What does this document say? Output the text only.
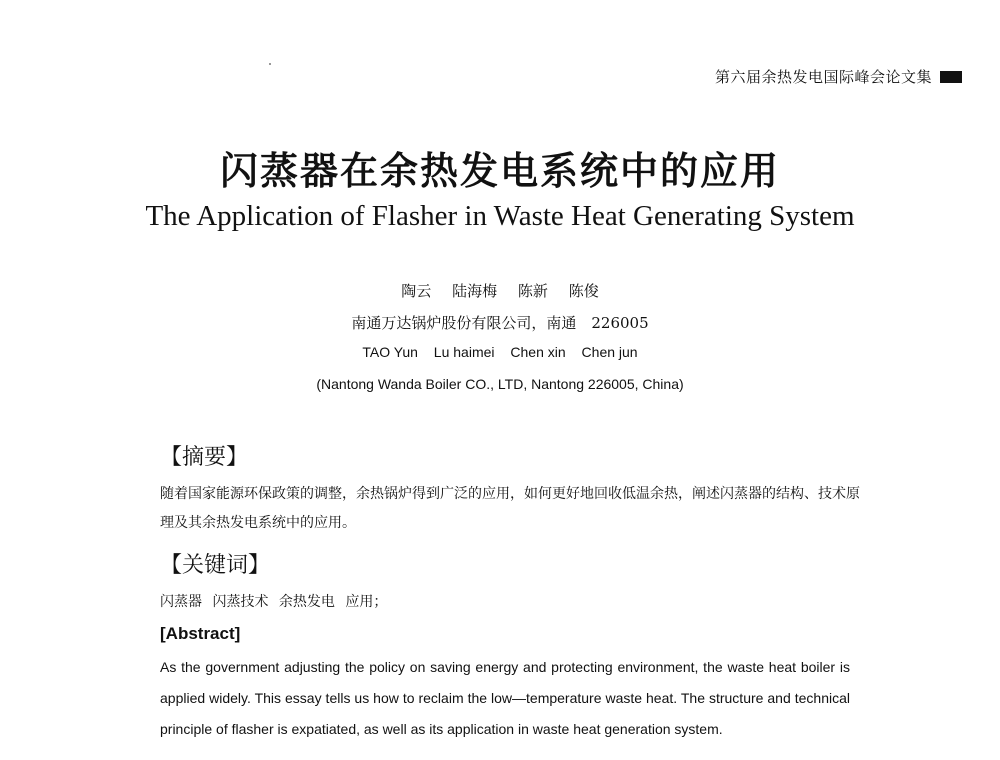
第六届余热发电国际峰会论文集
闪蒸器在余热发电系统中的应用
The Application of Flasher in Waste Heat Generating System
陶云 陆海梅 陈新 陈俊
南通万达锅炉股份有限公司，南通　226005
TAO Yun Lu haimei Chen xin Chen jun
(Nantong Wanda Boiler CO., LTD, Nantong 226005, China)
【摘要】
随着国家能源环保政策的调整，余热锅炉得到广泛的应用，如何更好地回收低温余热，阐述闪蒸器的结构、技术原理及其余热发电系统中的应用。
【关键词】
闪蒸器 闪蒸技术 余热发电 应用；
[Abstract]
As the government adjusting the policy on saving energy and protecting environment, the waste heat boiler is applied widely. This essay tells us how to reclaim the low—temperature waste heat. The structure and technical principle of flasher is expatiated, as well as its application in waste heat generation system.
